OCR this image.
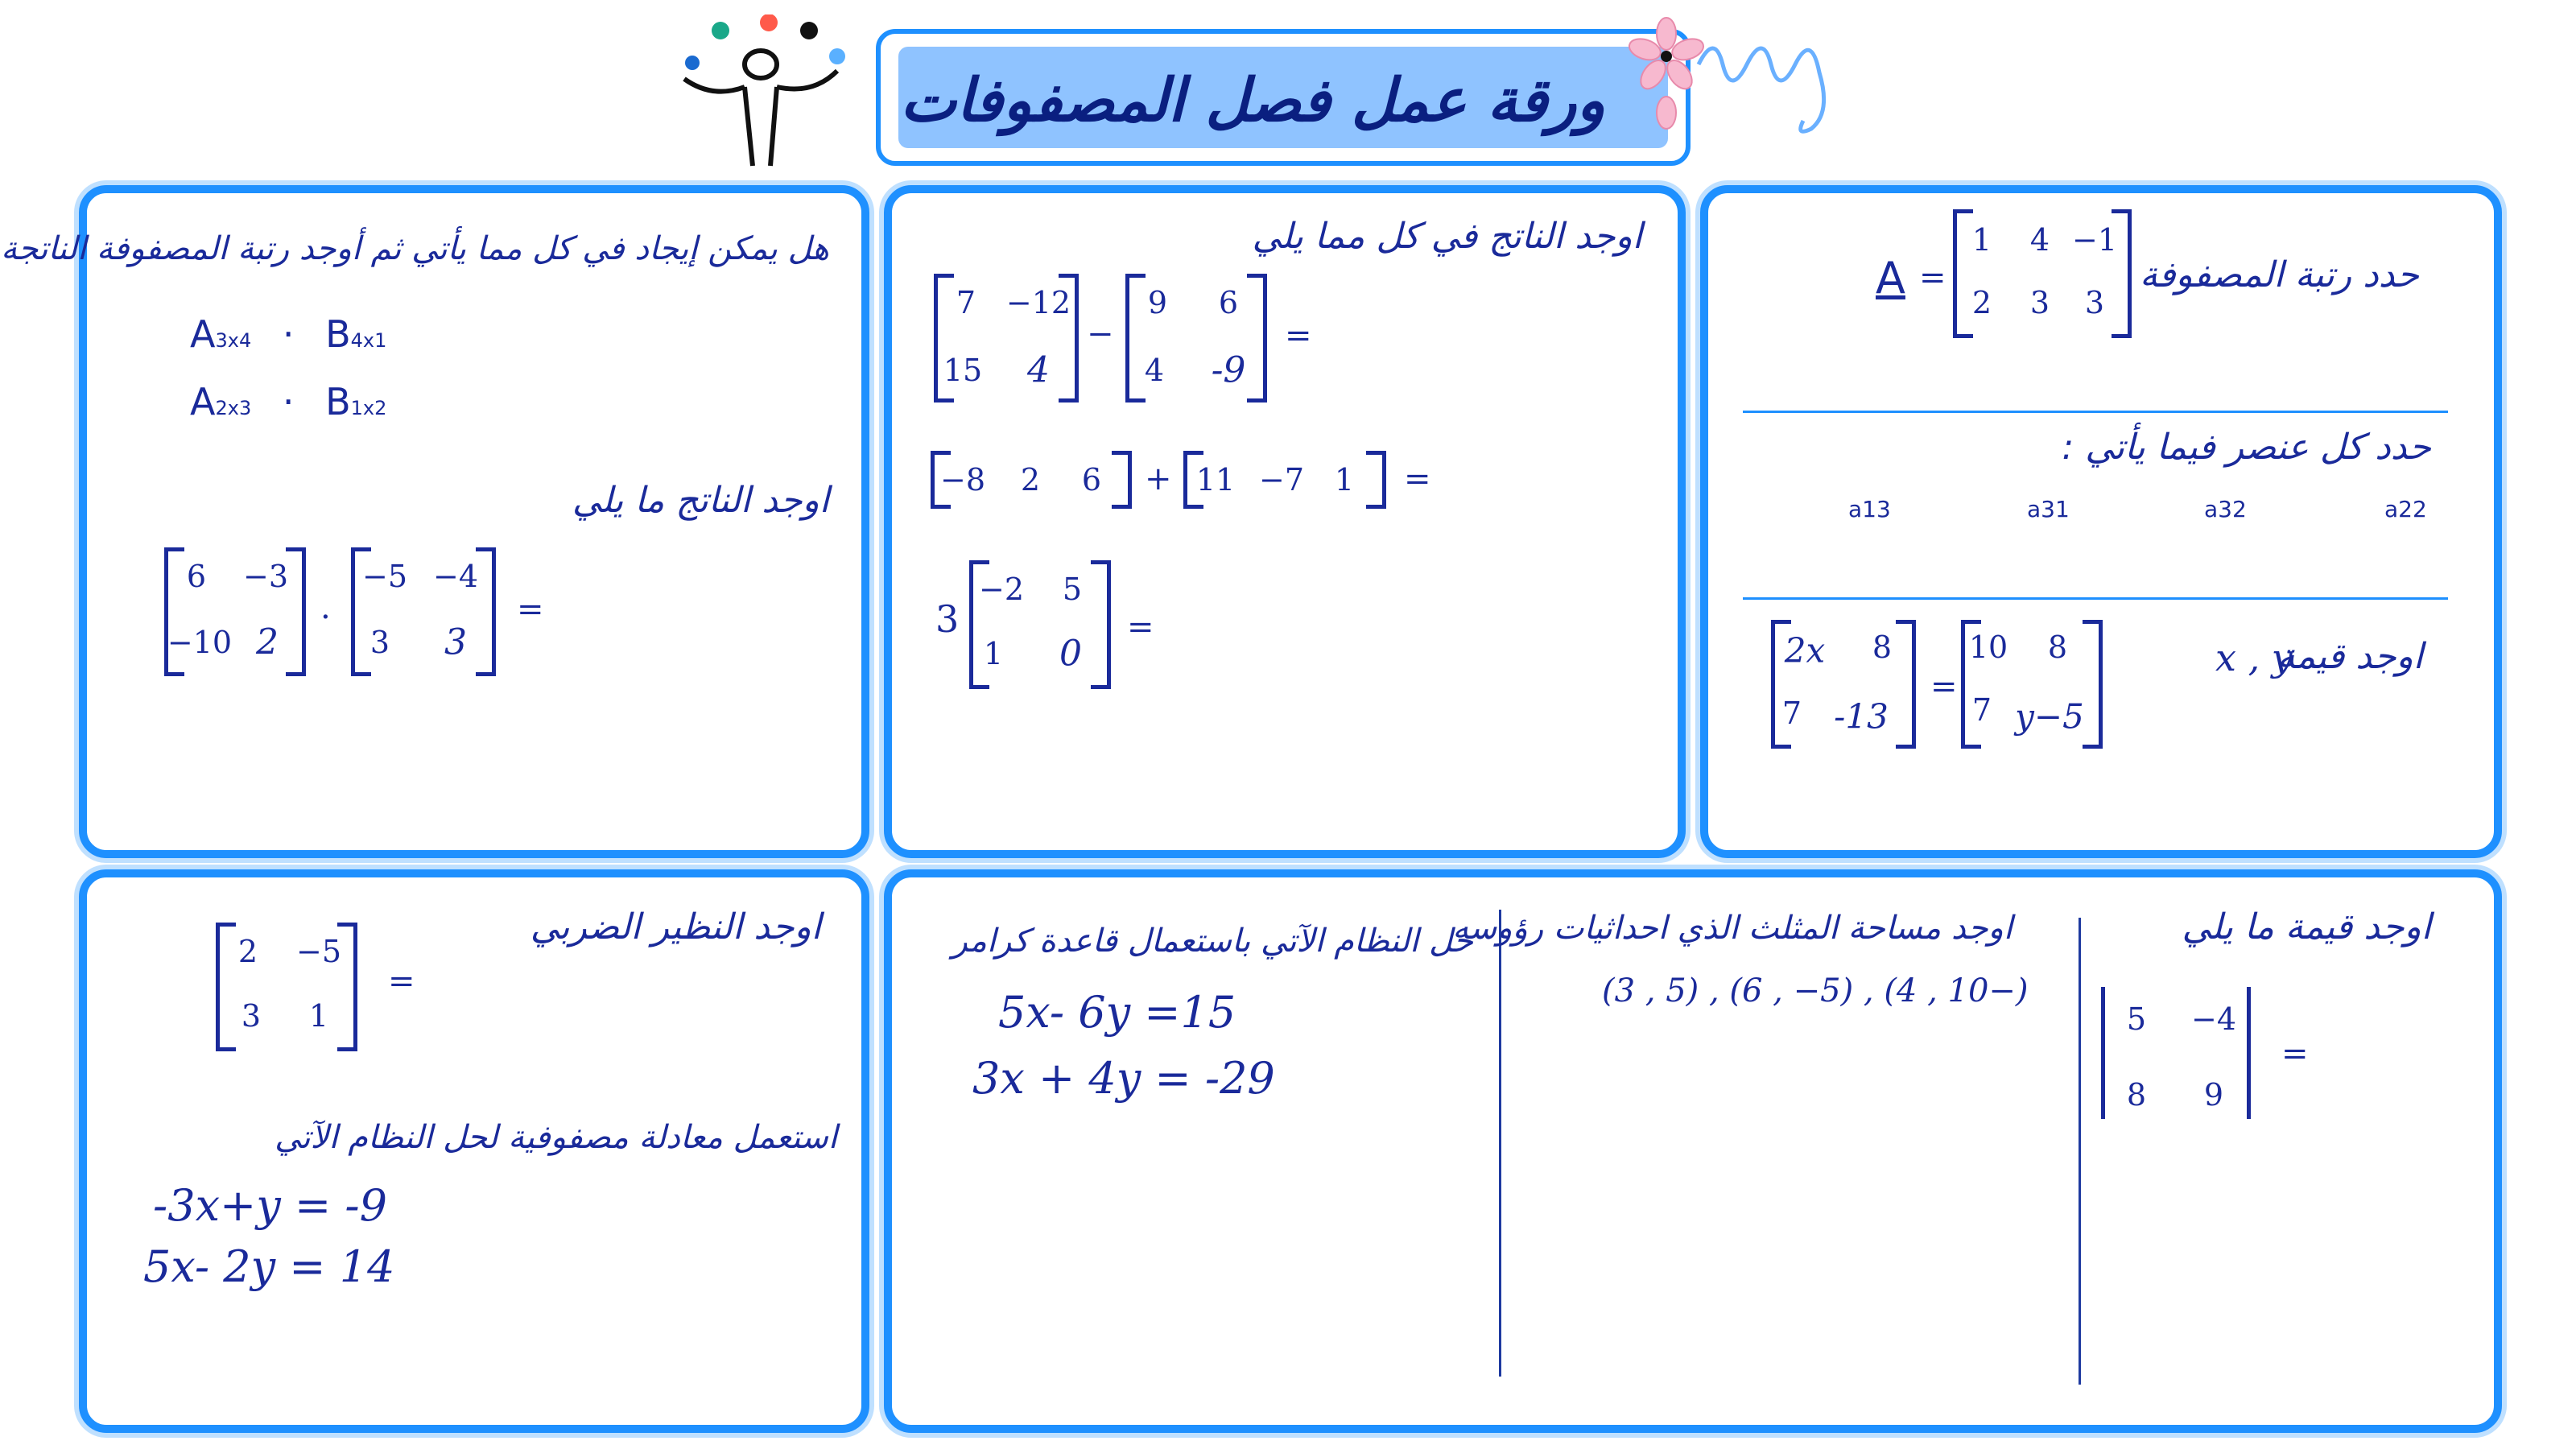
ورقة عمل فصل المصفوفات
حدد رتبة المصفوفة
A =
1 4 −1
2 3 3
حدد كل عنصر فيما يأتي :
a22
a32
a31
a13
اوجد قيمة
x , y
2x 8
7 -13
=
10 8
7 y−5
اوجد الناتج في كل مما يلي
7 −12
15 4
−
9 6
4 -9
=
−8 2 6 + 11 −7 1 =
3
−2 5
1 0
=
هل يمكن إيجاد في كل مما يأتي ثم أوجد رتبة المصفوفة الناتجة
A3x4 · B4x1
A2x3 · B1x2
اوجد الناتج ما يلي
6 −3
−10 2
.
−5 −4
3 3
=
اوجد قيمة ما يلي
5 −4
8 9
=
اوجد مساحة المثلث الذي احداثيات رؤوسه
(3 , 5) , (6 , −5) , (4 , 10−)
حل النظام الآتي باستعمال قاعدة كرامر
5x- 6y =15
3x + 4y = -29
اوجد النظير الضربي
2 −5
3 1
=
استعمل معادلة مصفوفية لحل النظام الآتي
-3x+y = -9
5x- 2y = 14
